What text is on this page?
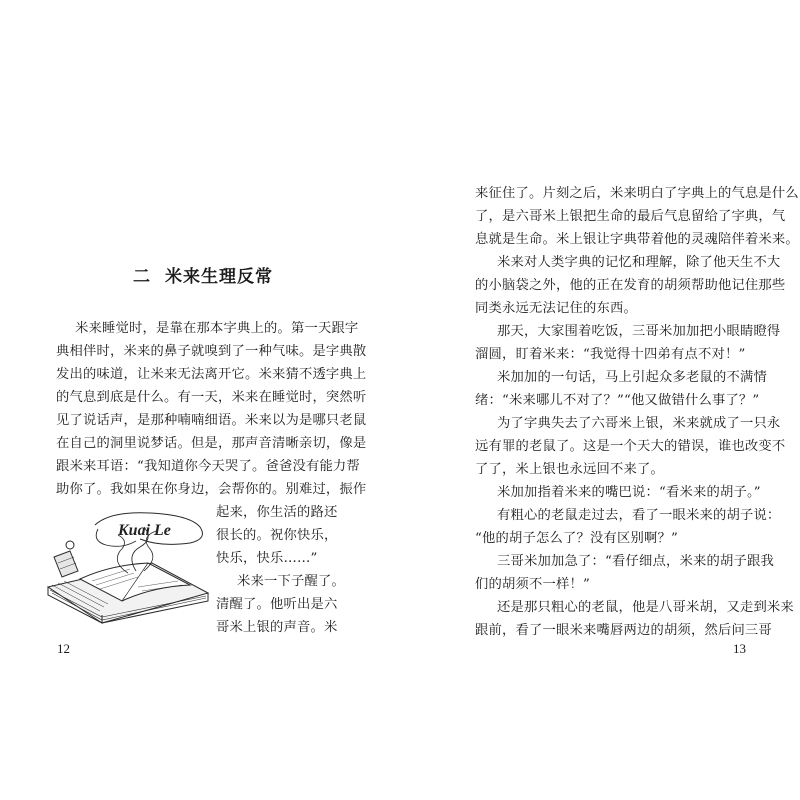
二 米来生理反常
米来睡觉时，是靠在那本字典上的。第一天跟字
典相伴时，米来的鼻子就嗅到了一种气味。是字典散
发出的味道，让米来无法离开它。米来猜不透字典上
的气息到底是什么。有一天，米来在睡觉时，突然听
见了说话声，是那种喃喃细语。米来以为是哪只老鼠
在自己的洞里说梦话。但是，那声音清晰亲切，像是
跟米来耳语：“我知道你今天哭了。爸爸没有能力帮
助你了。我如果在你身边，会帮你的。别难过，振作
起来，你生活的路还
很长的。祝你快乐，
快乐，快乐……”
米来一下子醒了。
清醒了。他听出是六
哥米上银的声音。米
Kuai Le
12
来征住了。片刻之后，米来明白了字典上的气息是什么
了，是六哥米上银把生命的最后气息留给了字典，气
息就是生命。米上银让字典带着他的灵魂陪伴着米来。
米来对人类字典的记忆和理解，除了他天生不大
的小脑袋之外，他的正在发育的胡须帮助他记住那些
同类永远无法记住的东西。
那天，大家围着吃饭，三哥米加加把小眼睛瞪得
溜圆，盯着米来：“我觉得十四弟有点不对！”
米加加的一句话，马上引起众多老鼠的不满情
绪：“米来哪儿不对了？”“他又做错什么事了？”
为了字典失去了六哥米上银，米来就成了一只永
远有罪的老鼠了。这是一个天大的错误，谁也改变不
了了，米上银也永远回不来了。
米加加指着米来的嘴巴说：“看米来的胡子。”
有粗心的老鼠走过去，看了一眼米来的胡子说：
“他的胡子怎么了？没有区别啊？”
三哥米加加急了：“看仔细点，米来的胡子跟我
们的胡须不一样！”
还是那只粗心的老鼠，他是八哥米胡，又走到米来
跟前，看了一眼米来嘴唇两边的胡须，然后问三哥
13
